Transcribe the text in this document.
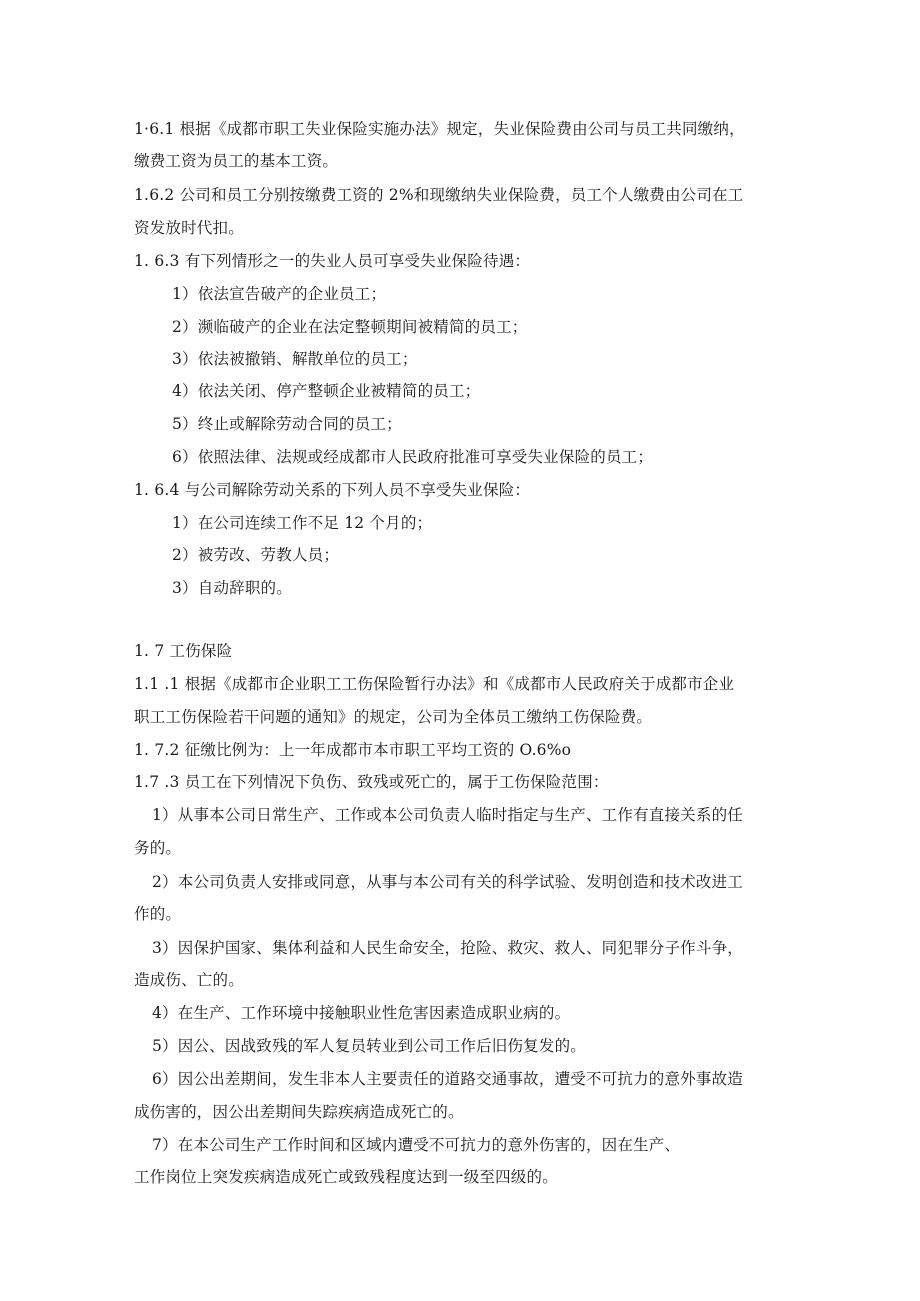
1·6.1 根据《成都市职工失业保险实施办法》规定，失业保险费由公司与员工共同缴纳，
缴费工资为员工的基本工资。
1.6.2 公司和员工分别按缴费工资的 2%和现缴纳失业保险费，员工个人缴费由公司在工
资发放时代扣。
1. 6.3 有下列情形之一的失业人员可享受失业保险待遇：
1）依法宣告破产的企业员工；
2）濒临破产的企业在法定整顿期间被精简的员工；
3）依法被撤销、解散单位的员工；
4）依法关闭、停产整顿企业被精简的员工；
5）终止或解除劳动合同的员工；
6）依照法律、法规或经成都市人民政府批准可享受失业保险的员工；
1. 6.4 与公司解除劳动关系的下列人员不享受失业保险：
1）在公司连续工作不足 12 个月的；
2）被劳改、劳教人员；
3）自动辞职的。
1. 7 工伤保险
1.1 .1 根据《成都市企业职工工伤保险暂行办法》和《成都市人民政府关于成都市企业
职工工伤保险若干问题的通知》的规定，公司为全体员工缴纳工伤保险费。
1. 7.2 征缴比例为：上一年成都市本市职工平均工资的 O.6%o
1.7 .3 员工在下列情况下负伤、致残或死亡的，属于工伤保险范围：
1）从事本公司日常生产、工作或本公司负责人临时指定与生产、工作有直接关系的任
务的。
2）本公司负责人安排或同意，从事与本公司有关的科学试验、发明创造和技术改进工
作的。
3）因保护国家、集体利益和人民生命安全，抢险、救灾、救人、同犯罪分子作斗争，
造成伤、亡的。
4）在生产、工作环境中接触职业性危害因素造成职业病的。
5）因公、因战致残的军人复员转业到公司工作后旧伤复发的。
6）因公出差期间，发生非本人主要责任的道路交通事故，遭受不可抗力的意外事故造
成伤害的，因公出差期间失踪疾病造成死亡的。
7）在本公司生产工作时间和区域内遭受不可抗力的意外伤害的，因在生产、
工作岗位上突发疾病造成死亡或致残程度达到一级至四级的。
